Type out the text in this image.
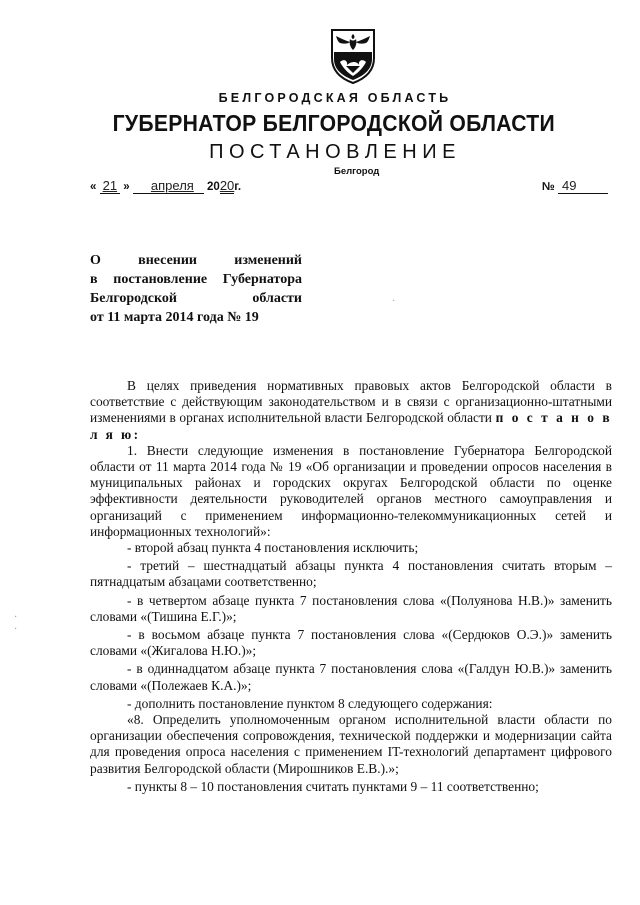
БЕЛГОРОДСКАЯ ОБЛАСТЬ
ГУБЕРНАТОР БЕЛГОРОДСКОЙ ОБЛАСТИ
ПОСТАНОВЛЕНИЕ
Белгород
« 21 » апреля 2020г.	№ 49
О внесении изменений
в постановление Губернатора
Белгородской области
от 11 марта 2014 года № 19
·
·
·

В целях приведения нормативных правовых актов Белгородской области в соответствие с действующим законодательством и в связи с организационно-штатными изменениями в органах исполнительной власти Белгородской области п о с т а н о в л я ю:

1. Внести следующие изменения в постановление Губернатора Белгородской области от 11 марта 2014 года № 19 «Об организации и проведении опросов населения в муниципальных районах и городских округах Белгородской области по оценке эффективности деятельности руководителей органов местного самоуправления и организаций с применением информационно-телекоммуникационных сетей и информационных технологий»:

- второй абзац пункта 4 постановления исключить;

- третий – шестнадцатый абзацы пункта 4 постановления считать вторым – пятнадцатым абзацами соответственно;

- в четвертом абзаце пункта 7 постановления слова «(Полуянова Н.В.)» заменить словами «(Тишина Е.Г.)»;

- в восьмом абзаце пункта 7 постановления слова «(Сердюков О.Э.)» заменить словами «(Жигалова Н.Ю.)»;

- в одиннадцатом абзаце пункта 7 постановления слова «(Галдун Ю.В.)» заменить словами «(Полежаев К.А.)»;

- дополнить постановление пунктом 8 следующего содержания:

«8. Определить уполномоченным органом исполнительной власти области по организации обеспечения сопровождения, технической поддержки и модернизации сайта для проведения опроса населения с применением IT-технологий департамент цифрового развития Белгородской области (Мирошников Е.В.).»;

- пункты 8 – 10 постановления считать пунктами 9 – 11 соответственно;
